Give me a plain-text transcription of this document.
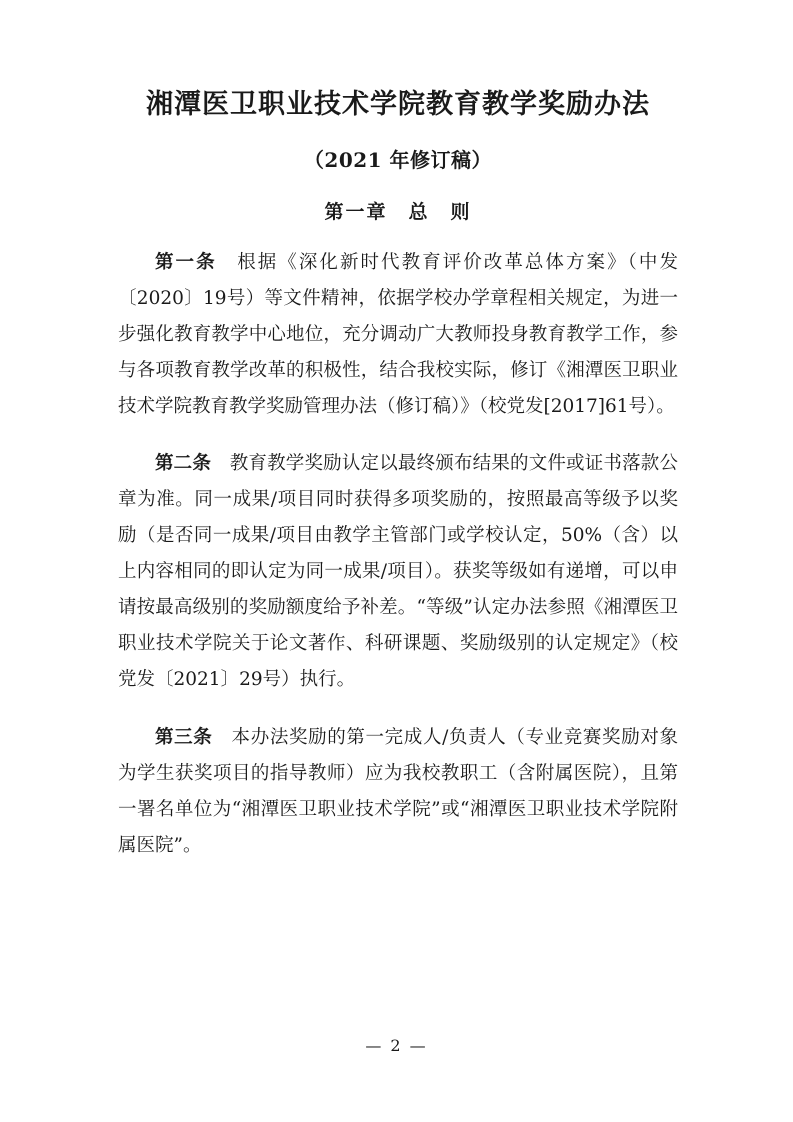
湘潭医卫职业技术学院教育教学奖励办法
（2021 年修订稿）
第一章　总　则

第一条 根据《深化新时代教育评价改革总体方案》（中发〔2020〕19号）等文件精神，依据学校办学章程相关规定，为进一步强化教育教学中心地位，充分调动广大教师投身教育教学工作，参与各项教育教学改革的积极性，结合我校实际，修订《湘潭医卫职业技术学院教育教学奖励管理办法（修订稿）》（校党发[2017]61号）。

第二条 教育教学奖励认定以最终颁布结果的文件或证书落款公章为准。同一成果/项目同时获得多项奖励的，按照最高等级予以奖励（是否同一成果/项目由教学主管部门或学校认定，50%（含）以上内容相同的即认定为同一成果/项目）。获奖等级如有递增，可以申请按最高级别的奖励额度给予补差。“等级”认定办法参照《湘潭医卫职业技术学院关于论文著作、科研课题、奖励级别的认定规定》（校党发〔2021〕29号）执行。

第三条 本办法奖励的第一完成人/负责人（专业竞赛奖励对象为学生获奖项目的指导教师）应为我校教职工（含附属医院），且第一署名单位为“湘潭医卫职业技术学院”或“湘潭医卫职业技术学院附属医院”。

— 2 —
